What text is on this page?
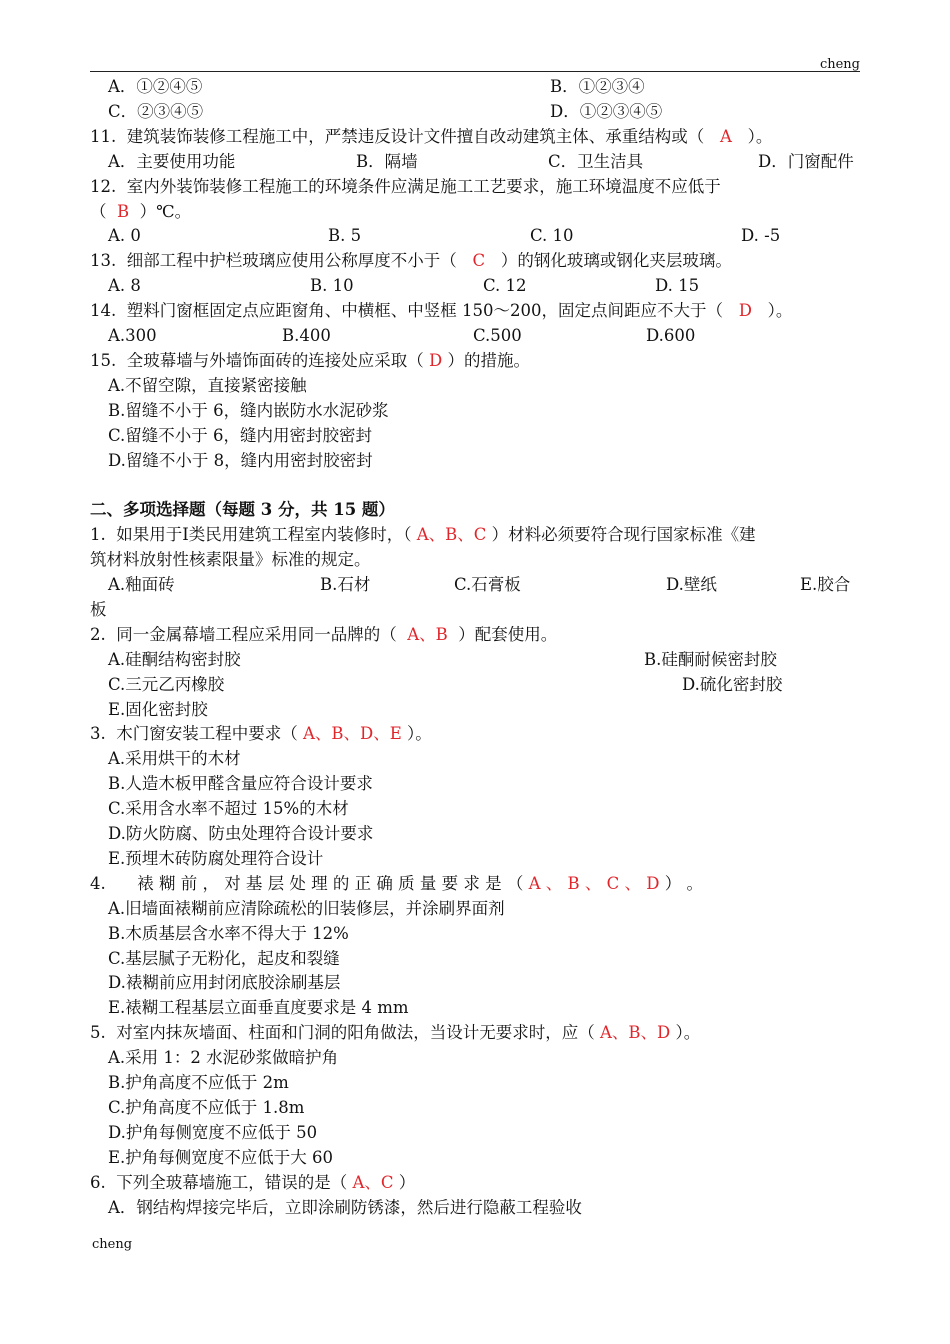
cheng
A．①②④⑤	B．①②③④
C．②③④⑤	D．①②③④⑤
11.  建筑装饰装修工程施工中，严禁违反设计文件擅自改动建筑主体、承重结构或（   A   ）。
A．主要使用功能	B．隔墙	C．卫生洁具	D．门窗配件
12.  室内外装饰装修工程施工的环境条件应满足施工工艺要求，施工环境温度不应低于
（  B  ）℃。
A. 0	B. 5	C. 10	D. -5
13.  细部工程中护栏玻璃应使用公称厚度不小于（   C   ）的钢化玻璃或钢化夹层玻璃。
A. 8	B. 10	C. 12	D. 15
14.  塑料门窗框固定点应距窗角、中横框、中竖框 150～200，固定点间距应不大于（   D   ）。
A.300	B.400	C.500	D.600
15.  全玻幕墙与外墙饰面砖的连接处应采取（ D ）的措施。
A.不留空隙，直接紧密接触
B.留缝不小于 6，缝内嵌防水水泥砂浆
C.留缝不小于 6，缝内用密封胶密封
D.留缝不小于 8，缝内用密封胶密封
二、多项选择题（每题 3 分，共 15 题）
1.  如果用于Ⅰ类民用建筑工程室内装修时，（ A、B、C ）材料必须要符合现行国家标准《建
筑材料放射性核素限量》标准的规定。
A.釉面砖	B.石材	C.石膏板	D.壁纸	E.胶合
板
2.  同一金属幕墙工程应采用同一品牌的（  A、B  ）配套使用。
A.硅酮结构密封胶	B.硅酮耐候密封胶
C.三元乙丙橡胶	D.硫化密封胶
E.固化密封胶
3.  木门窗安装工程中要求（ A、B、D、E ）。
A.采用烘干的木材
B.人造木板甲醛含量应符合设计要求
C.采用含水率不超过 15%的木材
D.防火防腐、防虫处理符合设计要求
E.预埋木砖防腐处理符合设计
4.      裱 糊 前 ， 对 基 层 处 理 的 正 确 质 量 要 求 是 （ A 、 B 、 C 、 D ） 。
A.旧墙面裱糊前应清除疏松的旧装修层，并涂刷界面剂
B.木质基层含水率不得大于 12%
C.基层腻子无粉化，起皮和裂缝
D.裱糊前应用封闭底胶涂刷基层
E.裱糊工程基层立面垂直度要求是 4 mm
5.  对室内抹灰墙面、柱面和门洞的阳角做法，当设计无要求时，应（ A、B、D ）。
A.采用 1：2 水泥砂浆做暗护角
B.护角高度不应低于 2m
C.护角高度不应低于 1.8m
D.护角每侧宽度不应低于 50
E.护角每侧宽度不应低于大 60
6.  下列全玻幕墙施工，错误的是（ A、C ）
A．钢结构焊接完毕后，立即涂刷防锈漆，然后进行隐蔽工程验收
cheng
